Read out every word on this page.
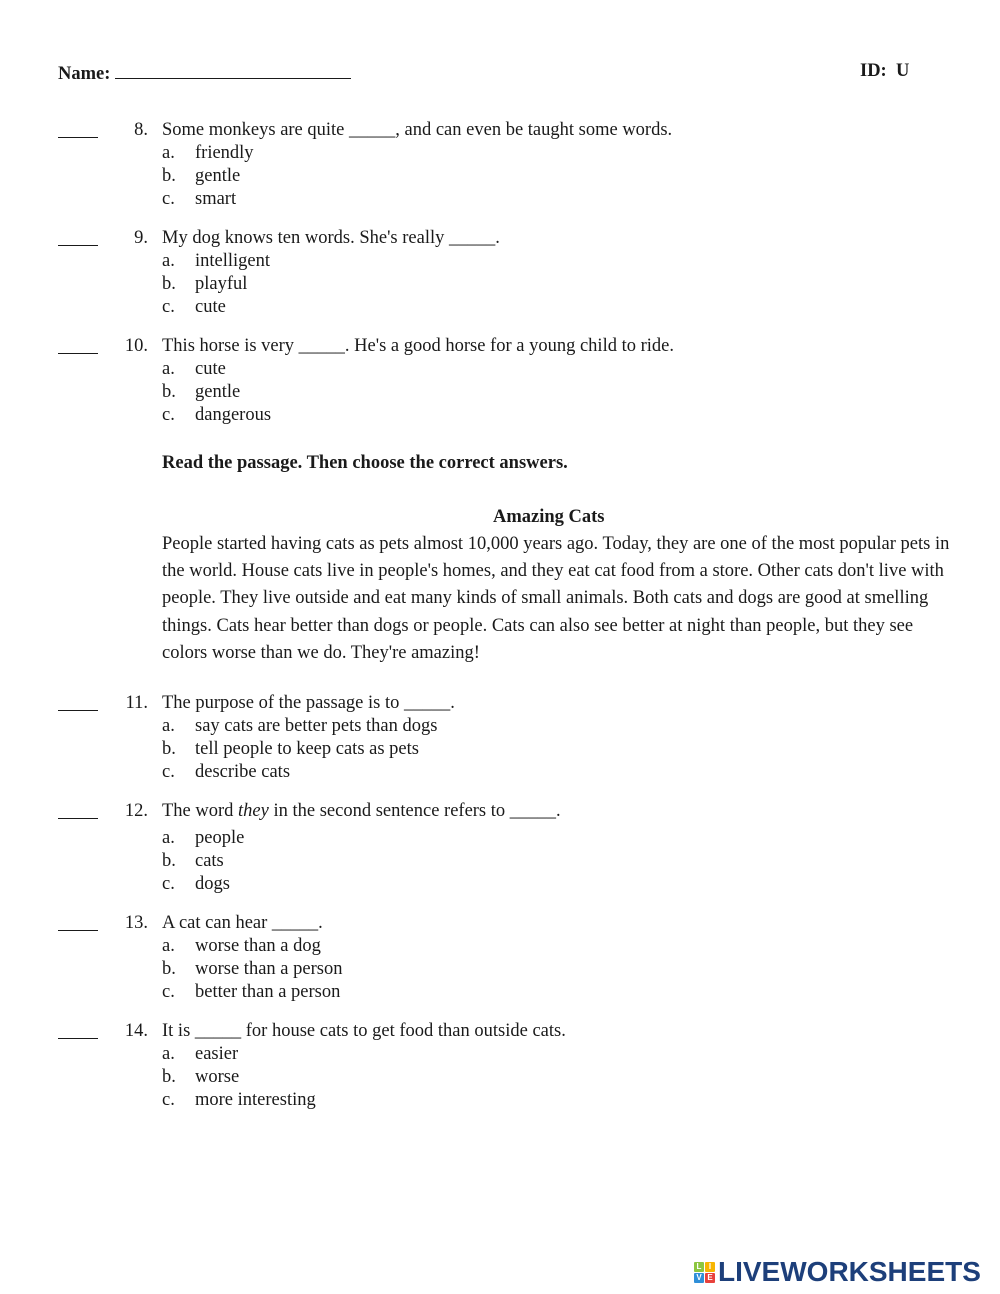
Name:	ID: U
8. Some monkeys are quite _____, and can even be taught some words.
a. friendly
b. gentle
c. smart
9. My dog knows ten words. She's really _____.
a. intelligent
b. playful
c. cute
10. This horse is very _____. He's a good horse for a young child to ride.
a. cute
b. gentle
c. dangerous
11. The purpose of the passage is to _____.
a. say cats are better pets than dogs
b. tell people to keep cats as pets
c. describe cats
12. The word they in the second sentence refers to _____.
a. people
b. cats
c. dogs
13. A cat can hear _____.
a. worse than a dog
b. worse than a person
c. better than a person
14. It is _____ for house cats to get food than outside cats.
a. easier
b. worse
c. more interesting
Read the passage. Then choose the correct answers.
Amazing Cats
People started having cats as pets almost 10,000 years ago. Today, they are one of the most popular pets in the world. House cats live in people's homes, and they eat cat food from a store. Other cats don't live with people. They live outside and eat many kinds of small animals. Both cats and dogs are good at smelling things. Cats hear better than dogs or people. Cats can also see better at night than people, but they see colors worse than we do. They're amazing!
L I
V E LIVEWORKSHEETS
